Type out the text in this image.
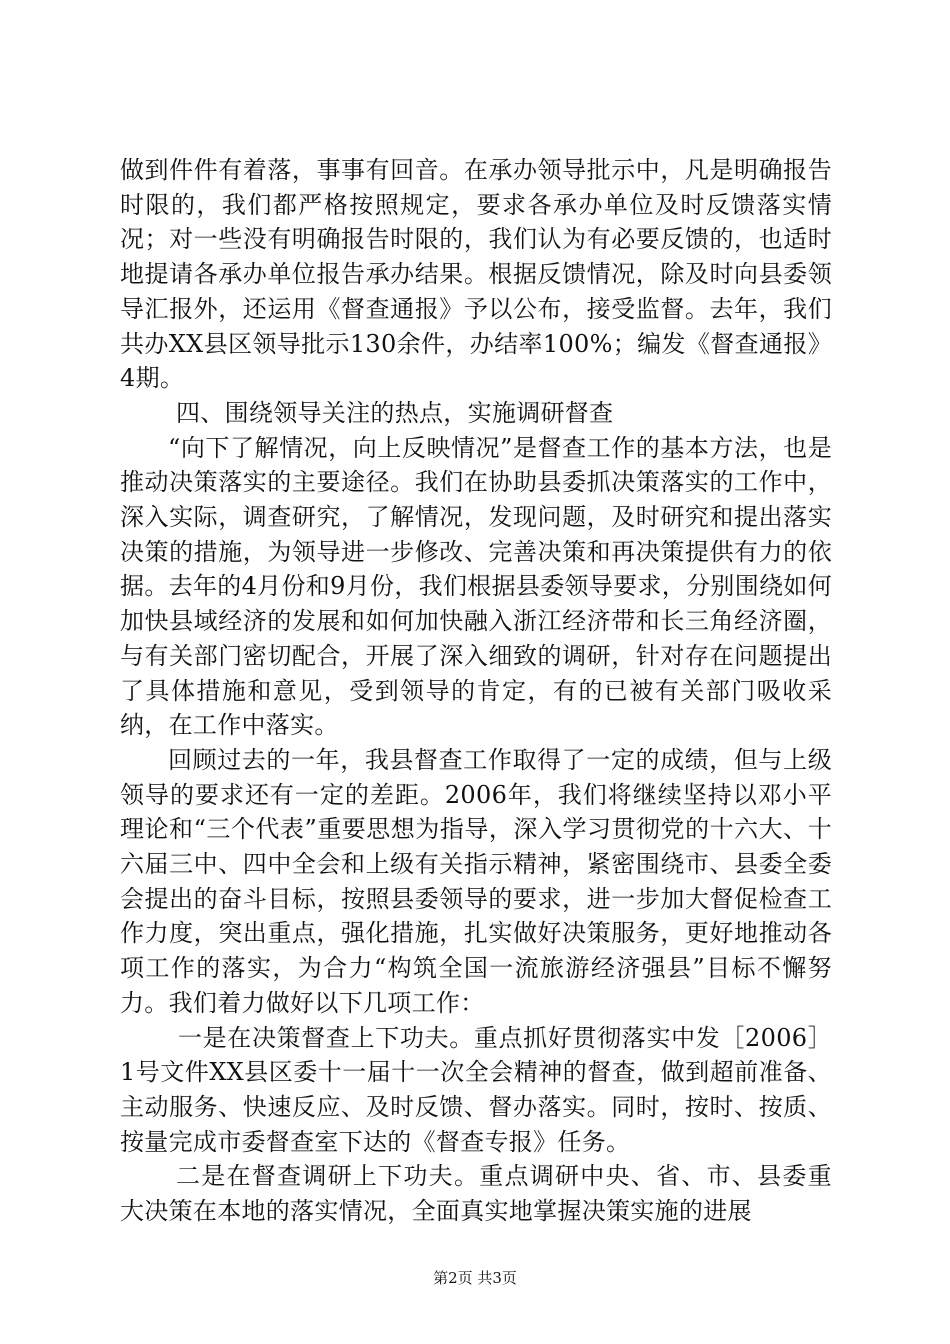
做到件件有着落，事事有回音。在承办领导批示中，凡是明确报告时限的，我们都严格按照规定，要求各承办单位及时反馈落实情况；对一些没有明确报告时限的，我们认为有必要反馈的，也适时地提请各承办单位报告承办结果。根据反馈情况，除及时向县委领导汇报外，还运用《督查通报》予以公布，接受监督。去年，我们共办XX县区领导批示130余件，办结率100%；编发《督查通报》4期。

四、围绕领导关注的热点，实施调研督查

“向下了解情况，向上反映情况”是督查工作的基本方法，也是推动决策落实的主要途径。我们在协助县委抓决策落实的工作中，深入实际，调查研究，了解情况，发现问题，及时研究和提出落实决策的措施，为领导进一步修改、完善决策和再决策提供有力的依据。去年的4月份和9月份，我们根据县委领导要求，分别围绕如何加快县域经济的发展和如何加快融入浙江经济带和长三角经济圈，与有关部门密切配合，开展了深入细致的调研，针对存在问题提出了具体措施和意见，受到领导的肯定，有的已被有关部门吸收采纳，在工作中落实。

回顾过去的一年，我县督查工作取得了一定的成绩，但与上级领导的要求还有一定的差距。2006年，我们将继续坚持以邓小平理论和“三个代表”重要思想为指导，深入学习贯彻党的十六大、十六届三中、四中全会和上级有关指示精神，紧密围绕市、县委全委会提出的奋斗目标，按照县委领导的要求，进一步加大督促检查工作力度，突出重点，强化措施，扎实做好决策服务，更好地推动各项工作的落实，为合力“构筑全国一流旅游经济强县”目标不懈努力。我们着力做好以下几项工作：

一是在决策督查上下功夫。重点抓好贯彻落实中发［2006］1号文件XX县区委十一届十一次全会精神的督查，做到超前准备、主动服务、快速反应、及时反馈、督办落实。同时，按时、按质、按量完成市委督查室下达的《督查专报》任务。

二是在督查调研上下功夫。重点调研中央、省、市、县委重大决策在本地的落实情况，全面真实地掌握决策实施的进展

第2页 共3页
